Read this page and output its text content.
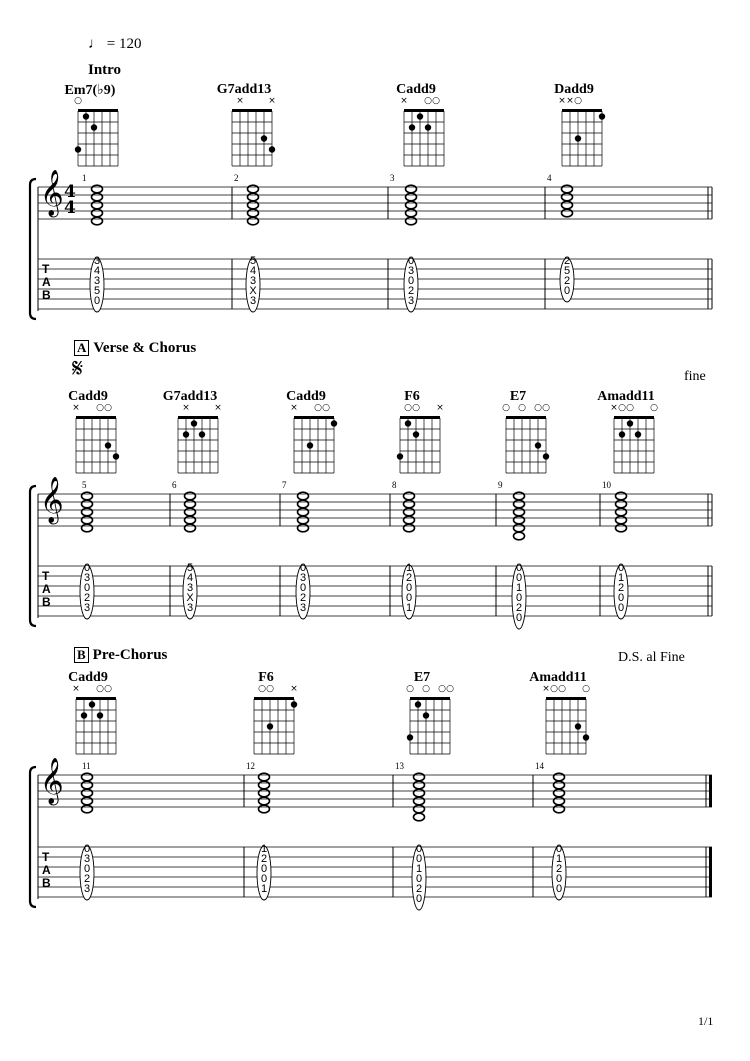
♩ = 120
Intro
A Verse & Chorus
𝄋	fine
B Pre-Chorus	D.S. al Fine
Em7(♭9)
○

G7add13

×

	×
Cadd9
×

○ ○

Dadd9
× × ○

Cadd9
×

○ ○

G7add13

×

	×
Cadd9
×

○ ○

F6

○ ○

×
E7
○
○
○ ○
Amadd11
× ○ ○

○
Cadd9
×

○ ○

F6

○ ○

×
E7
○
○
○ ○
Amadd11
× ○ ○

○
𝄞
T
A
B
4
4
1
3
4
3
5
0
2
5
4
3
X
3
3
0
3
0
2
3
4
2
5
2
0
𝄞
T
A
B
5
0
3
0
2
3
6
5
4
3
X
3
7
0
3
0
2
3
8
1
2
0
0
1
9
0
0
1
0
2
0
10
0
1
2
0
0
𝄞
T
A
B
11
0
3
0
2
3
12
1
2
0
0
1
13
0
0
1
0
2
0
14
0
1
2
0
0
1/1
